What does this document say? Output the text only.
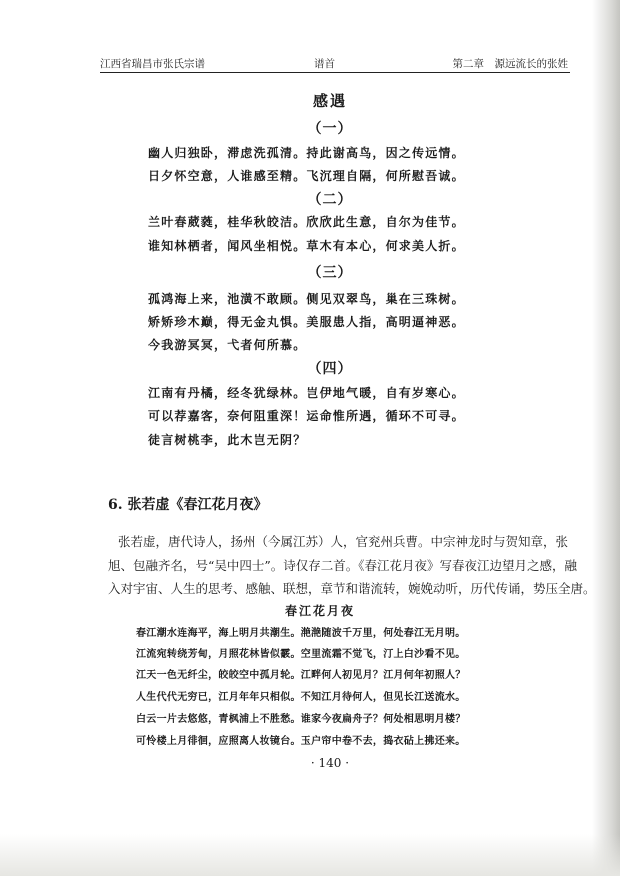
江西省瑞昌市张氏宗谱	谱首	第二章　源远流长的张姓
感遇
（一）
幽人归独卧，滞虑洗孤清。持此谢高鸟，因之传远情。
日夕怀空意，人谁感至精。飞沉理自隔，何所慰吾诚。
（二）
兰叶春葳蕤，桂华秋皎洁。欣欣此生意，自尔为佳节。
谁知林栖者，闻风坐相悦。草木有本心，何求美人折。
（三）
孤鸿海上来，池潢不敢顾。侧见双翠鸟，巢在三珠树。
矫矫珍木巅，得无金丸惧。美服患人指，高明逼神恶。
今我游冥冥，弋者何所慕。
（四）
江南有丹橘，经冬犹绿林。岂伊地气暖，自有岁寒心。
可以荐嘉客，奈何阻重深！运命惟所遇，循环不可寻。
徒言树桃李，此木岂无阴？
6. 张若虚《春江花月夜》
张若虚，唐代诗人，扬州（今属江苏）人，官兖州兵曹。中宗神龙时与贺知章，张
旭、包融齐名，号“吴中四士”。诗仅存二首。《春江花月夜》写春夜江边望月之感，融
入对宇宙、人生的思考、感触、联想，章节和谐流转，婉娩动听，历代传诵，势压全唐。
春江花月夜
春江潮水连海平，海上明月共潮生。滟滟随波千万里，何处春江无月明。
江流宛转绕芳甸，月照花林皆似霰。空里流霜不觉飞，汀上白沙看不见。
江天一色无纤尘，皎皎空中孤月轮。江畔何人初见月？江月何年初照人？
人生代代无穷已，江月年年只相似。不知江月待何人，但见长江送流水。
白云一片去悠悠，青枫浦上不胜愁。谁家今夜扁舟子？何处相思明月楼？
可怜楼上月徘徊，应照离人妆镜台。玉户帘中卷不去，捣衣砧上拂还来。
· 140 ·
